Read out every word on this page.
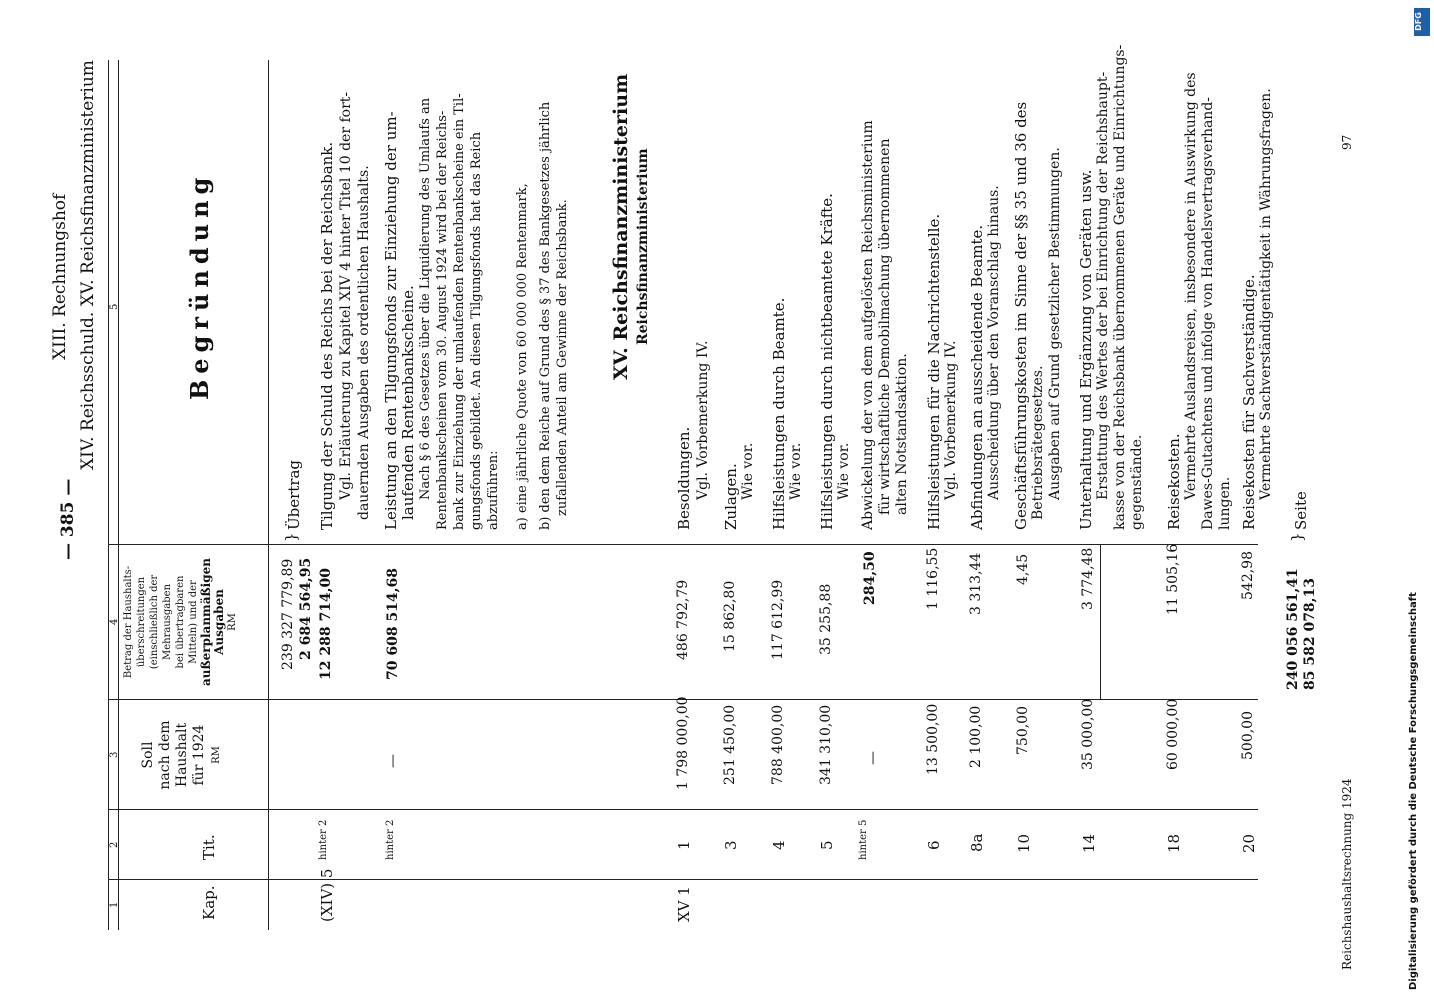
— 385 —
XIII. Rechnungshof XIV. Reichsschuld. XV. Reichsfinanzministerium
1
2
3
4
5
Kap.
Tit.
Soll nach dem Haushalt für 1924 RM
Betrag der Haushalts- überschreitungen (einschließlich der Mehrausgaben bei übertragbaren Mitteln) und der außerplanmäßigen Ausgaben RM
Begründung
239 327 779,89 2 684 564,95
}
Übertrag
(XIV) 5
hinter 2
12 288 714,00
Tilgung der Schuld des Reichs bei der Reichsbank. Vgl. Erläuterung zu Kapitel XIV 4 hinter Titel 10 der fort- dauernden Ausgaben des ordentlichen Haushalts.
hinter 2
—
70 608 514,68
Leistung an den Tilgungsfonds zur Einziehung der um- laufenden Rentenbankscheine. Nach § 6 des Gesetzes über die Liquidierung des Umlaufs an Rentenbankscheinen vom 30. August 1924 wird bei der Reichs- bank zur Einziehung der umlaufenden Rentenbankscheine ein Til- gungsfonds gebildet. An diesen Tilgungsfonds hat das Reich abzuführen: a) eine jährliche Quote von 60 000 000 Rentenmark, b) den dem Reiche auf Grund des § 37 des Bankgesetzes jährlich zufallenden Anteil am Gewinne der Reichsbank. XV. Reichsfinanzministerium Reichsfinanzministerium
XV 1
1
1 798 000,00
486 792,79
Besoldungen. Vgl. Vorbemerkung IV.
3
251 450,00
15 862,80
Zulagen. Wie vor.
4
788 400,00
117 612,99
Hilfsleistungen durch Beamte. Wie vor.
5
341 310,00
35 255,88
Hilfsleistungen durch nichtbeamtete Kräfte. Wie vor.
hinter 5
—
284,50
Abwickelung der von dem aufgelösten Reichsministerium für wirtschaftliche Demobilmachung übernommenen alten Notstandsaktion.
6
13 500,00
1 116,55
Hilfsleistungen für die Nachrichtenstelle. Vgl. Vorbemerkung IV.
8a
2 100,00
3 313,44
Abfindungen an ausscheidende Beamte. Ausscheidung über den Voranschlag hinaus.
10
750,00
4,45
Geschäftsführungskosten im Sinne der §§ 35 und 36 des Betriebsrätegesetzes. Ausgaben auf Grund gesetzlicher Bestimmungen.
14
35 000,00
3 774,48
Unterhaltung und Ergänzung von Geräten usw. Erstattung des Wertes der bei Einrichtung der Reichshaupt- kasse von der Reichsbank übernommenen Geräte und Einrichtungs- gegenstände.
18
60 000,00
11 505,16
Reisekosten. Vermehrte Auslandsreisen, insbesondere in Auswirkung des Dawes-Gutachtens und infolge von Handelsvertragsverhand- lungen.
20
500,00
542,98
Reisekosten für Sachverständige. Vermehrte Sachverständigentätigkeit in Währungsfragen.
240 056 561,41 85 582 078,13
}
Seite
Reichshaushaltsrechnung 1924
97
DFG
Digitalisierung gefördert durch die Deutsche Forschungsgemeinschaft
